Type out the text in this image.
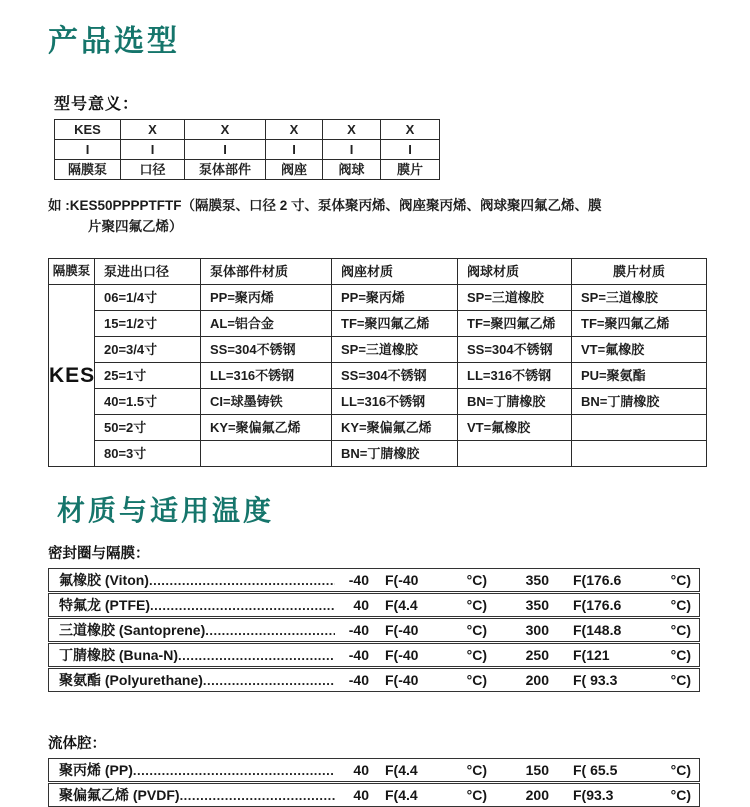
产品选型
型号意义：
KES	X	X	X	X	X
I	I	I	I	I	I
隔膜泵	口径	泵体部件	阀座	阀球	膜片
如 :KES50PPPPTFTF（隔膜泵、口径 2 寸、泵体聚丙烯、阀座聚丙烯、阀球聚四氟乙烯、膜
片聚四氟乙烯）
隔膜泵	泵进出口径	泵体部件材质	阀座材质	阀球材质	膜片材质
KES	06=1/4寸	PP=聚丙烯	PP=聚丙烯	SP=三道橡胶	SP=三道橡胶
	15=1/2寸	AL=铝合金	TF=聚四氟乙烯	TF=聚四氟乙烯	TF=聚四氟乙烯
	20=3/4寸	SS=304不锈钢	SP=三道橡胶	SS=304不锈钢	VT=氟橡胶
	25=1寸	LL=316不锈钢	SS=304不锈钢	LL=316不锈钢	PU=聚氨酯
	40=1.5寸	CI=球墨铸铁	LL=316不锈钢	BN=丁腈橡胶	BN=丁腈橡胶
	50=2寸	KY=聚偏氟乙烯	KY=聚偏氟乙烯	VT=氟橡胶	
	80=3寸		BN=丁腈橡胶		
材质与适用温度
密封圈与隔膜：
氟橡胶 (Viton) .....	-40 F(-40	°C)	350 F(176.6	°C)
特氟龙 (PTFE) .....	40 F(4.4	°C)	350 F(176.6	°C)
三道橡胶 (Santoprene) .....	-40 F(-40	°C)	300 F(148.8	°C)
丁腈橡胶 (Buna-N) .....	-40 F(-40	°C)	250 F(121	°C)
聚氨酯 (Polyurethane) .....	-40 F(-40	°C)	200 F( 93.3	°C)
流体腔：
聚丙烯 (PP) .....	40 F(4.4	°C)	150 F( 65.5	°C)
聚偏氟乙烯 (PVDF) .....	40 F(4.4	°C)	200 F(93.3	°C)
